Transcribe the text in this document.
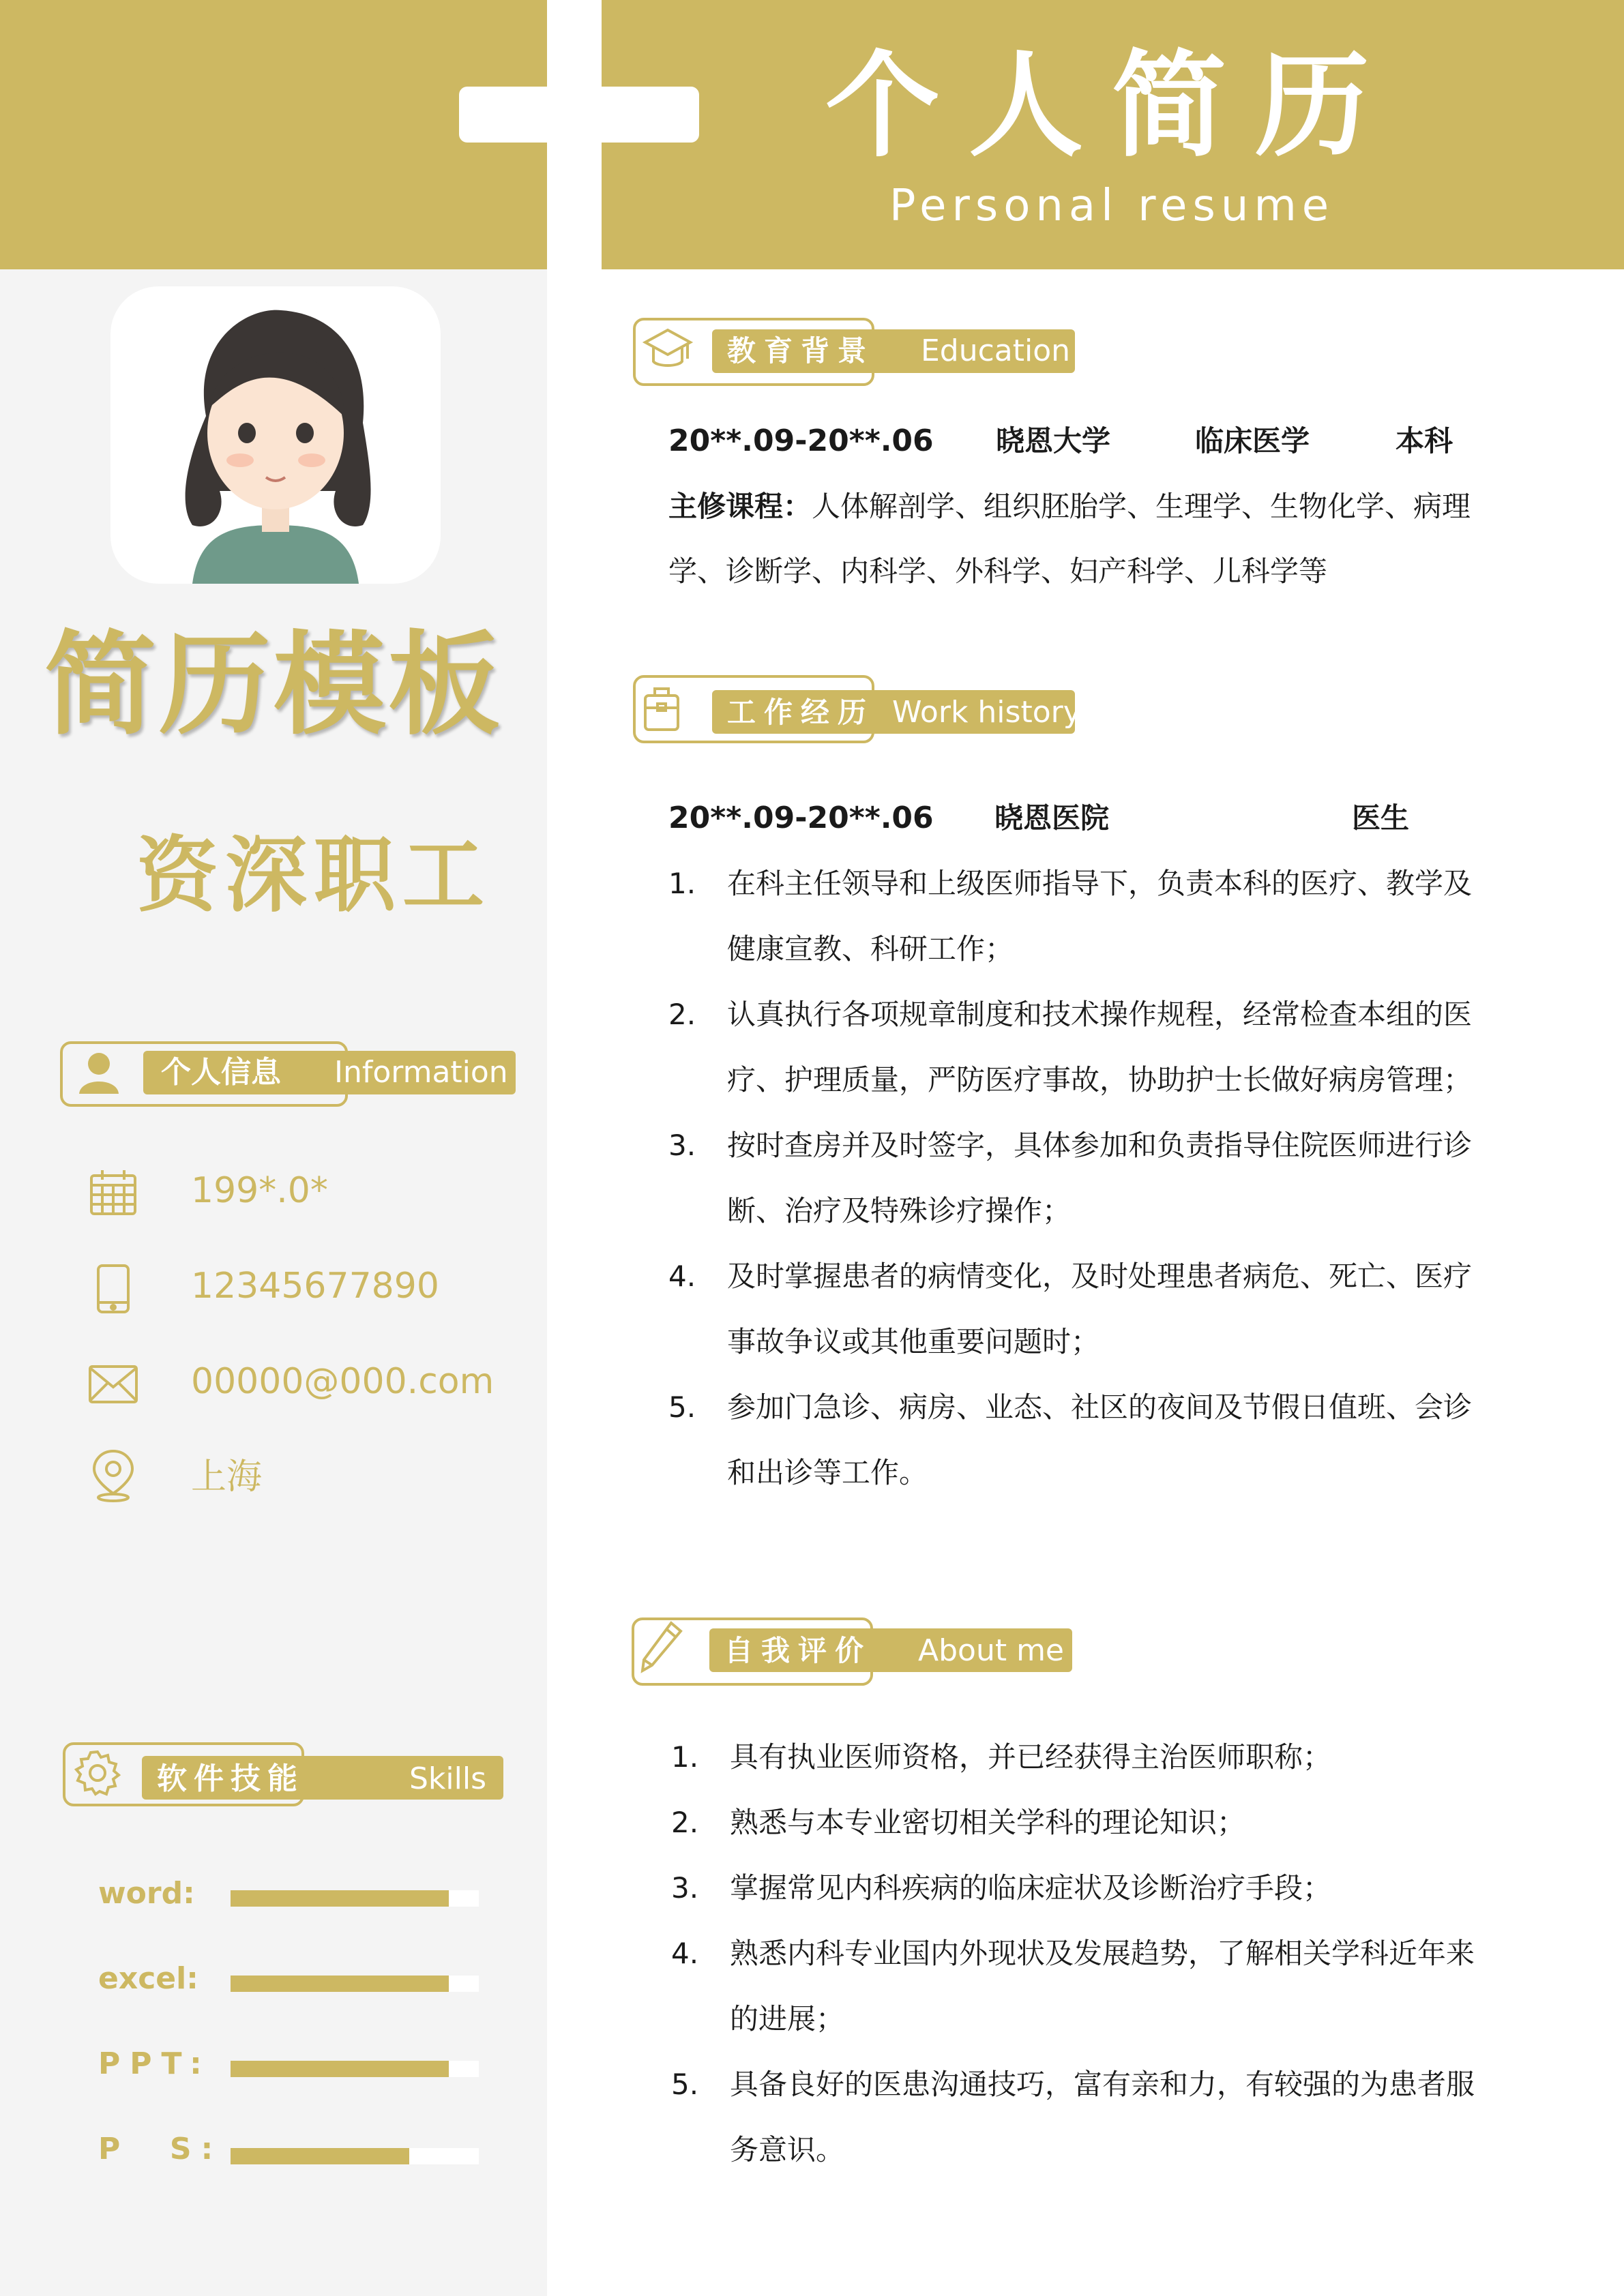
个人简历
Personal resume
简历模板
资深职工
个人信息 Information
199*.0*
12345677890
00000@000.com
上海
软件技能	Skills
word:
excel:
PPT:
P  S:
教育背景 Education
20**.09-20**.06 晓恩大学	临床医学	本科
主修课程：人体解剖学、组织胚胎学、生理学、生物化学、病理
学、诊断学、内科学、外科学、妇产科学、儿科学等
工作经历 Work history
20**.09-20**.06 晓恩医院	医生
1. 在科主任领导和上级医师指导下，负责本科的医疗、教学及
健康宣教、科研工作；
2. 认真执行各项规章制度和技术操作规程，经常检查本组的医
疗、护理质量，严防医疗事故，协助护士长做好病房管理；
3. 按时查房并及时签字，具体参加和负责指导住院医师进行诊
断、治疗及特殊诊疗操作；
4. 及时掌握患者的病情变化，及时处理患者病危、死亡、医疗
事故争议或其他重要问题时；
5. 参加门急诊、病房、业态、社区的夜间及节假日值班、会诊
和出诊等工作。
自我评价 About me
1. 具有执业医师资格，并已经获得主治医师职称；
2. 熟悉与本专业密切相关学科的理论知识；
3. 掌握常见内科疾病的临床症状及诊断治疗手段；
4. 熟悉内科专业国内外现状及发展趋势，了解相关学科近年来
的进展；
5. 具备良好的医患沟通技巧，富有亲和力，有较强的为患者服
务意识。
